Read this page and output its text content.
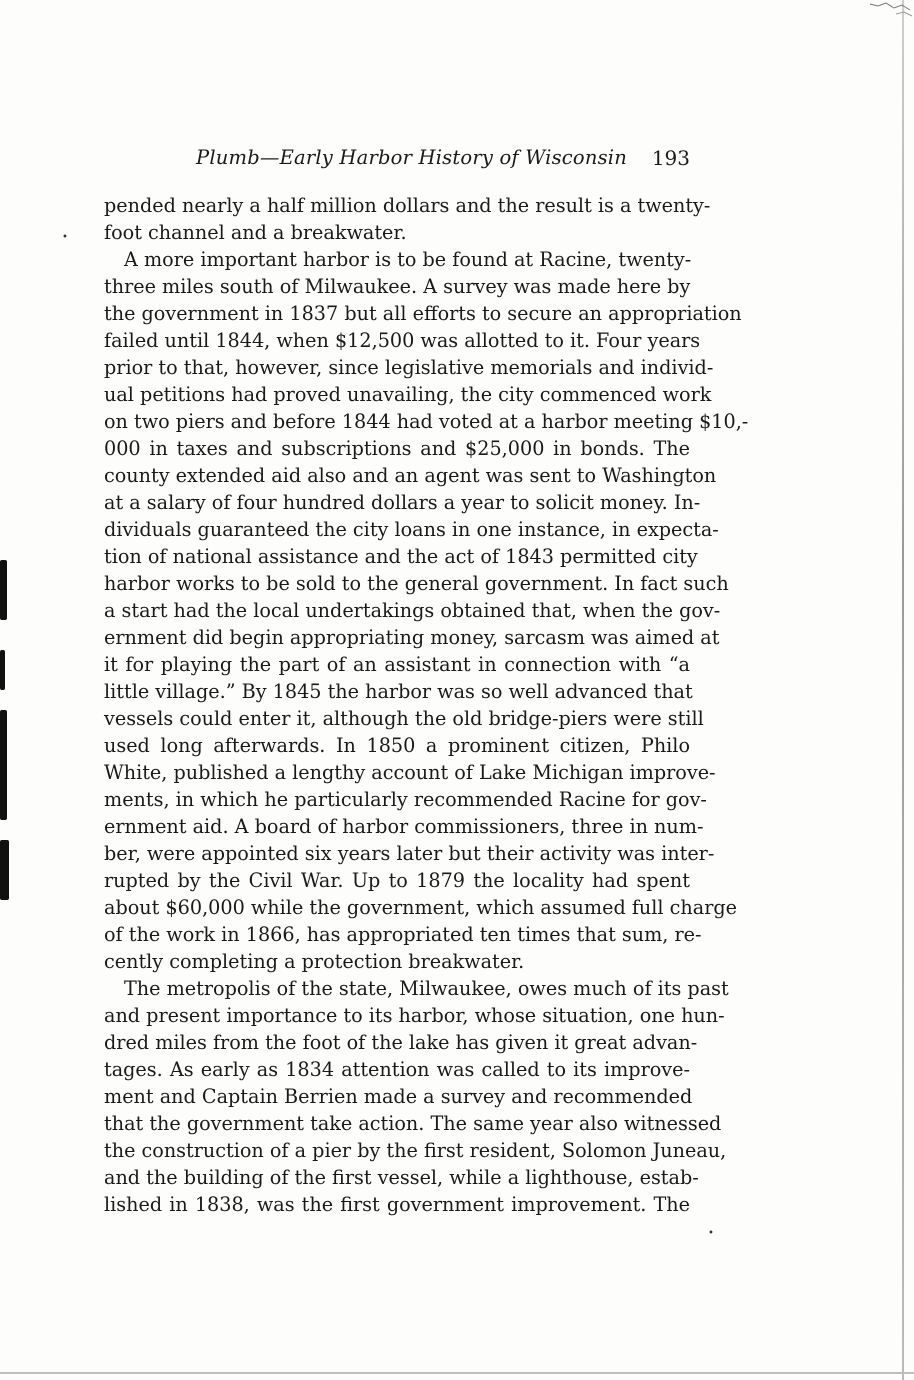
Plumb—Early Harbor History of Wisconsin 193
pended nearly a half million dollars and the result is a twenty-
foot channel and a breakwater.
A more important harbor is to be found at Racine, twenty-
three miles south of Milwaukee. A survey was made here by
the government in 1837 but all efforts to secure an appropriation
failed until 1844, when $12,500 was allotted to it. Four years
prior to that, however, since legislative memorials and individ-
ual petitions had proved unavailing, the city commenced work
on two piers and before 1844 had voted at a harbor meeting $10,-
000 in taxes and subscriptions and $25,000 in bonds. The
county extended aid also and an agent was sent to Washington
at a salary of four hundred dollars a year to solicit money. In-
dividuals guaranteed the city loans in one instance, in expecta-
tion of national assistance and the act of 1843 permitted city
harbor works to be sold to the general government. In fact such
a start had the local undertakings obtained that, when the gov-
ernment did begin appropriating money, sarcasm was aimed at
it for playing the part of an assistant in connection with “a
little village.” By 1845 the harbor was so well advanced that
vessels could enter it, although the old bridge-piers were still
used long afterwards. In 1850 a prominent citizen, Philo
White, published a lengthy account of Lake Michigan improve-
ments, in which he particularly recommended Racine for gov-
ernment aid. A board of harbor commissioners, three in num-
ber, were appointed six years later but their activity was inter-
rupted by the Civil War. Up to 1879 the locality had spent
about $60,000 while the government, which assumed full charge
of the work in 1866, has appropriated ten times that sum, re-
cently completing a protection breakwater.
The metropolis of the state, Milwaukee, owes much of its past
and present importance to its harbor, whose situation, one hun-
dred miles from the foot of the lake has given it great advan-
tages. As early as 1834 attention was called to its improve-
ment and Captain Berrien made a survey and recommended
that the government take action. The same year also witnessed
the construction of a pier by the first resident, Solomon Juneau,
and the building of the first vessel, while a lighthouse, estab-
lished in 1838, was the first government improvement. The
•
•
